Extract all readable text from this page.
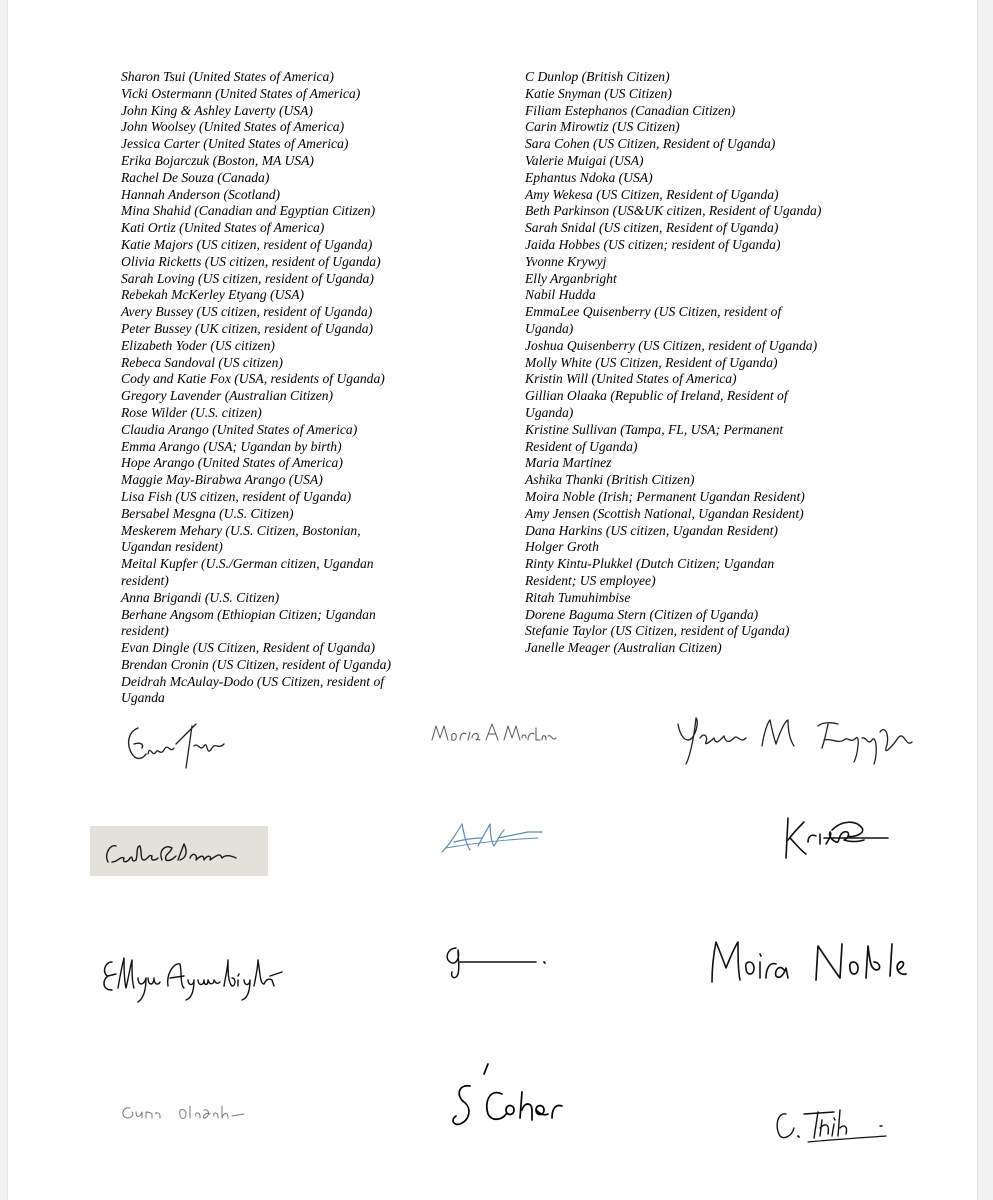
Sharon Tsui (United States of America)
Vicki Ostermann (United States of America)
John King & Ashley Laverty (USA)
John Woolsey (United States of America)
Jessica Carter (United States of America)
Erika Bojarczuk (Boston, MA USA)
Rachel De Souza (Canada)
Hannah Anderson (Scotland)
Mina Shahid (Canadian and Egyptian Citizen)
Kati Ortiz (United States of America)
Katie Majors (US citizen, resident of Uganda)
Olivia Ricketts (US citizen, resident of Uganda)
Sarah Loving (US citizen, resident of Uganda)
Rebekah McKerley Etyang (USA)
Avery Bussey (US citizen, resident of Uganda)
Peter Bussey (UK citizen, resident of Uganda)
Elizabeth Yoder (US citizen)
Rebeca Sandoval (US citizen)
Cody and Katie Fox (USA, residents of Uganda)
Gregory Lavender (Australian Citizen)
Rose Wilder (U.S. citizen)
Claudia Arango (United States of America)
Emma Arango (USA; Ugandan by birth)
Hope Arango (United States of America)
Maggie May-Birabwa Arango (USA)
Lisa Fish (US citizen, resident of Uganda)
Bersabel Mesgna (U.S. Citizen)
Meskerem Mehary (U.S. Citizen, Bostonian,
Ugandan resident)
Meital Kupfer (U.S./German citizen, Ugandan
resident)
Anna Brigandi (U.S. Citizen)
Berhane Angsom (Ethiopian Citizen; Ugandan
resident)
Evan Dingle (US Citizen, Resident of Uganda)
Brendan Cronin (US Citizen, resident of Uganda)
Deidrah McAulay-Dodo (US Citizen, resident of
Uganda
C Dunlop (British Citizen)
Katie Snyman (US Citizen)
Filiam Estephanos (Canadian Citizen)
Carin Mirowtiz (US Citizen)
Sara Cohen (US Citizen, Resident of Uganda)
Valerie Muigai (USA)
Ephantus Ndoka (USA)
Amy Wekesa (US Citizen, Resident of Uganda)
Beth Parkinson (US&UK citizen, Resident of Uganda)
Sarah Snidal (US citizen, Resident of Uganda)
Jaida Hobbes (US citizen; resident of Uganda)
Yvonne Krywyj
Elly Arganbright
Nabil Hudda
EmmaLee Quisenberry (US Citizen, resident of
Uganda)
Joshua Quisenberry (US Citizen, resident of Uganda)
Molly White (US Citizen, Resident of Uganda)
Kristin Will (United States of America)
Gillian Olaaka (Republic of Ireland, Resident of
Uganda)
Kristine Sullivan (Tampa, FL, USA; Permanent
Resident of Uganda)
Maria Martinez
Ashika Thanki (British Citizen)
Moira Noble (Irish; Permanent Ugandan Resident)
Amy Jensen (Scottish National, Ugandan Resident)
Dana Harkins (US citizen, Ugandan Resident)
Holger Groth
Rinty Kintu-Plukkel (Dutch Citizen; Ugandan
Resident; US employee)
Ritah Tumuhimbise
Dorene Baguma Stern (Citizen of Uganda)
Stefanie Taylor (US Citizen, resident of Uganda)
Janelle Meager (Australian Citizen)
